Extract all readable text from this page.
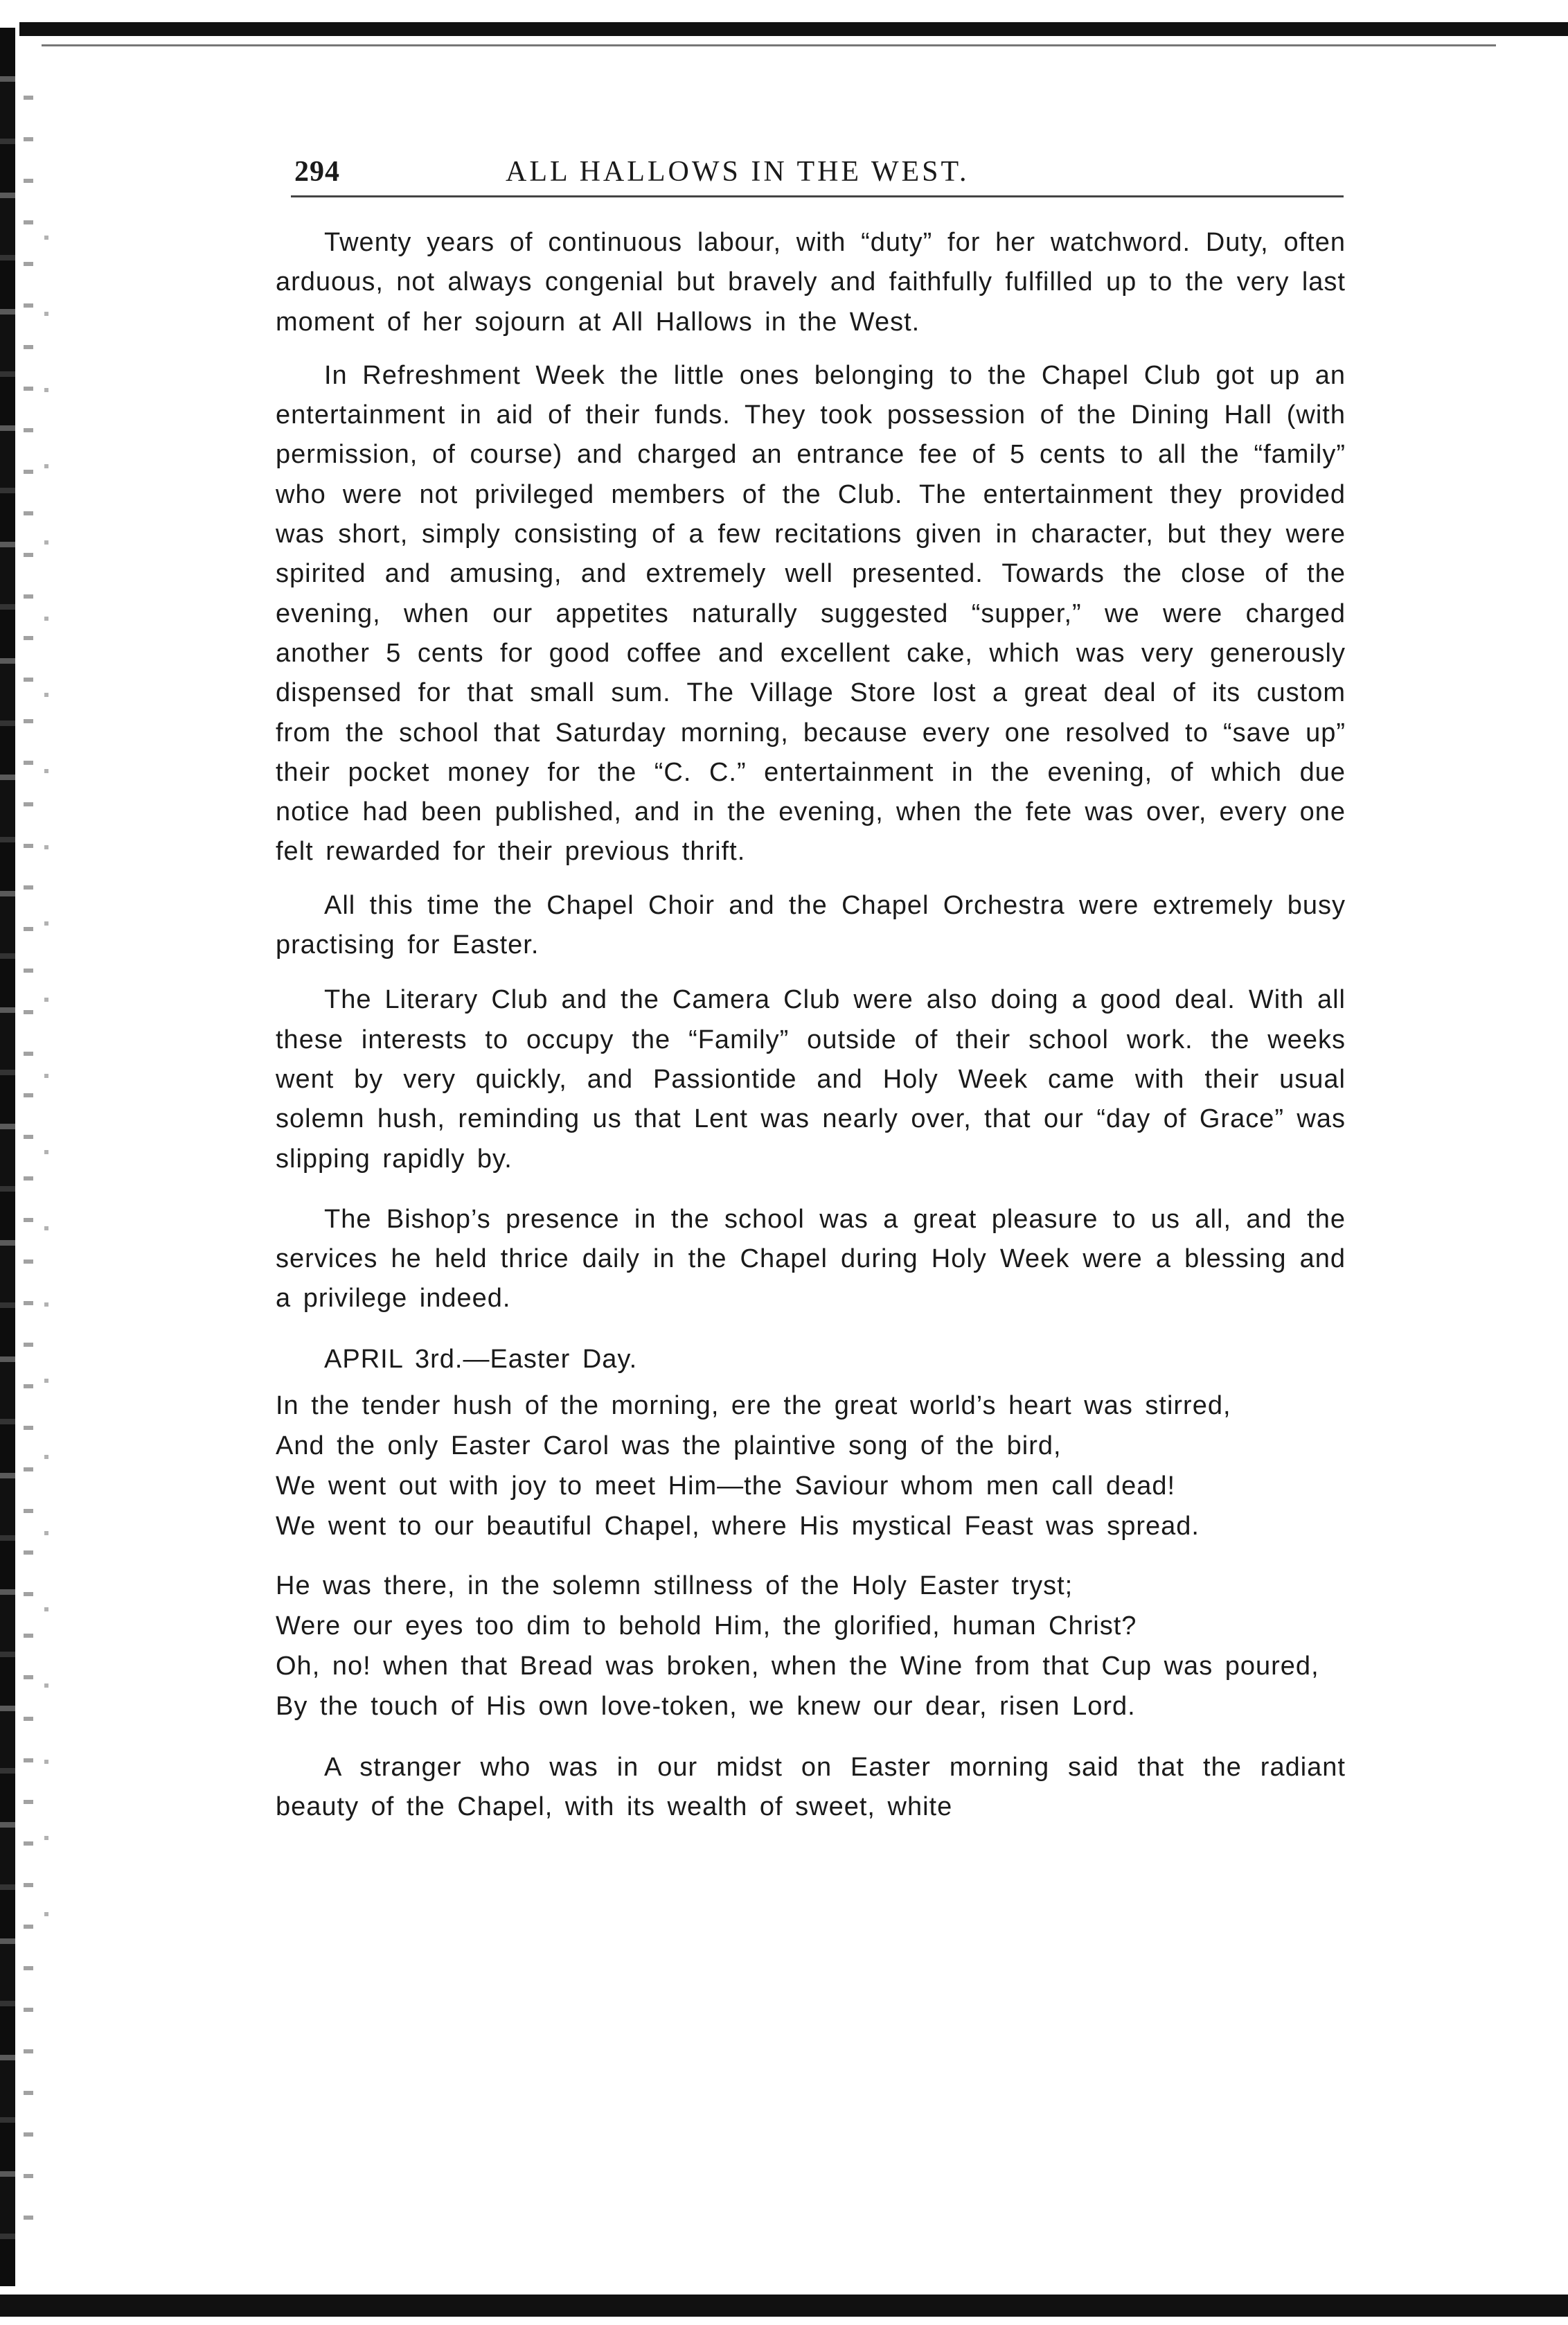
294	ALL HALLOWS IN THE WEST.

Twenty years of continuous labour, with “duty” for her watchword. Duty, often arduous, not always congenial but bravely and faithfully fulfilled up to the very last moment of her sojourn at All Hallows in the West.

In Refreshment Week the little ones belonging to the Chapel Club got up an entertainment in aid of their funds. They took possession of the Dining Hall (with permission, of course) and charged an entrance fee of 5 cents to all the “family” who were not privileged members of the Club. The entertainment they provided was short, simply consisting of a few recitations given in character, but they were spirited and amusing, and extremely well presented. Towards the close of the evening, when our appetites naturally suggested “supper,” we were charged another 5 cents for good coffee and excellent cake, which was very generously dispensed for that small sum. The Village Store lost a great deal of its custom from the school that Saturday morning, because every one resolved to “save up” their pocket money for the “C. C.” entertainment in the evening, of which due notice had been published, and in the evening, when the fete was over, every one felt rewarded for their previous thrift.

All this time the Chapel Choir and the Chapel Orchestra were extremely busy practising for Easter.

The Literary Club and the Camera Club were also doing a good deal. With all these interests to occupy the “Family” outside of their school work. the weeks went by very quickly, and Passiontide and Holy Week came with their usual solemn hush, reminding us that Lent was nearly over, that our “day of Grace” was slipping rapidly by.

The Bishop’s presence in the school was a great pleasure to us all, and the services he held thrice daily in the Chapel during Holy Week were a blessing and a privilege indeed.

APRIL 3rd.—Easter Day.

In the tender hush of the morning, ere the great world’s heart was stirred,
And the only Easter Carol was the plaintive song of the bird,
We went out with joy to meet Him—the Saviour whom men call dead!
We went to our beautiful Chapel, where His mystical Feast was spread.
He was there, in the solemn stillness of the Holy Easter tryst;
Were our eyes too dim to behold Him, the glorified, human Christ?
Oh, no! when that Bread was broken, when the Wine from that Cup was poured,
By the touch of His own love-token, we knew our dear, risen Lord.

A stranger who was in our midst on Easter morning said that the radiant beauty of the Chapel, with its wealth of sweet, white
